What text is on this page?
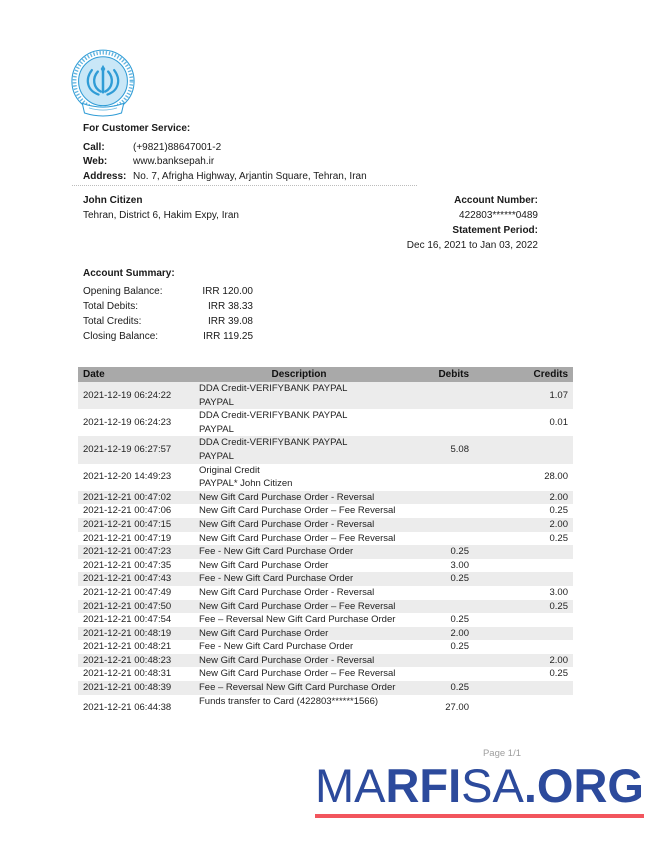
For Customer Service:
Call:	(+9821)88647001-2
Web:	www.banksepah.ir
Address: No. 7, Afrigha Highway, Arjantin Square, Tehran, Iran
John Citizen
Tehran, District 6, Hakim Expy, Iran
Account Number:
422803******0489
Statement Period:
Dec 16, 2021 to Jan 03, 2022
Account Summary:
Opening Balance:	IRR 120.00
Total Debits:	IRR 38.33
Total Credits:	IRR 39.08
Closing Balance:	IRR 119.25
Date	Description	Debits	Credits
2021-12-19 06:24:22	DDA Credit-VERIFYBANK PAYPAL
PAYPAL		1.07
2021-12-19 06:24:23	DDA Credit-VERIFYBANK PAYPAL
PAYPAL		0.01
2021-12-19 06:27:57	DDA Credit-VERIFYBANK PAYPAL
PAYPAL	5.08	
2021-12-20 14:49:23	Original Credit
PAYPAL* John Citizen		28.00
2021-12-21 00:47:02	New Gift Card Purchase Order - Reversal		2.00
2021-12-21 00:47:06	New Gift Card Purchase Order – Fee Reversal		0.25
2021-12-21 00:47:15	New Gift Card Purchase Order - Reversal		2.00
2021-12-21 00:47:19	New Gift Card Purchase Order – Fee Reversal		0.25
2021-12-21 00:47:23	Fee - New Gift Card Purchase Order	0.25	
2021-12-21 00:47:35	New Gift Card Purchase Order	3.00	
2021-12-21 00:47:43	Fee - New Gift Card Purchase Order	0.25	
2021-12-21 00:47:49	New Gift Card Purchase Order - Reversal		3.00
2021-12-21 00:47:50	New Gift Card Purchase Order – Fee Reversal		0.25
2021-12-21 00:47:54	Fee – Reversal New Gift Card Purchase Order	0.25	
2021-12-21 00:48:19	New Gift Card Purchase Order	2.00	
2021-12-21 00:48:21	Fee - New Gift Card Purchase Order	0.25	
2021-12-21 00:48:23	New Gift Card Purchase Order - Reversal		2.00
2021-12-21 00:48:31	New Gift Card Purchase Order – Fee Reversal		0.25
2021-12-21 00:48:39	Fee – Reversal New Gift Card Purchase Order	0.25	
2021-12-21 06:44:38	Funds transfer to Card (422803******1566)	27.00	
Page 1/1
MARFISA.ORG
